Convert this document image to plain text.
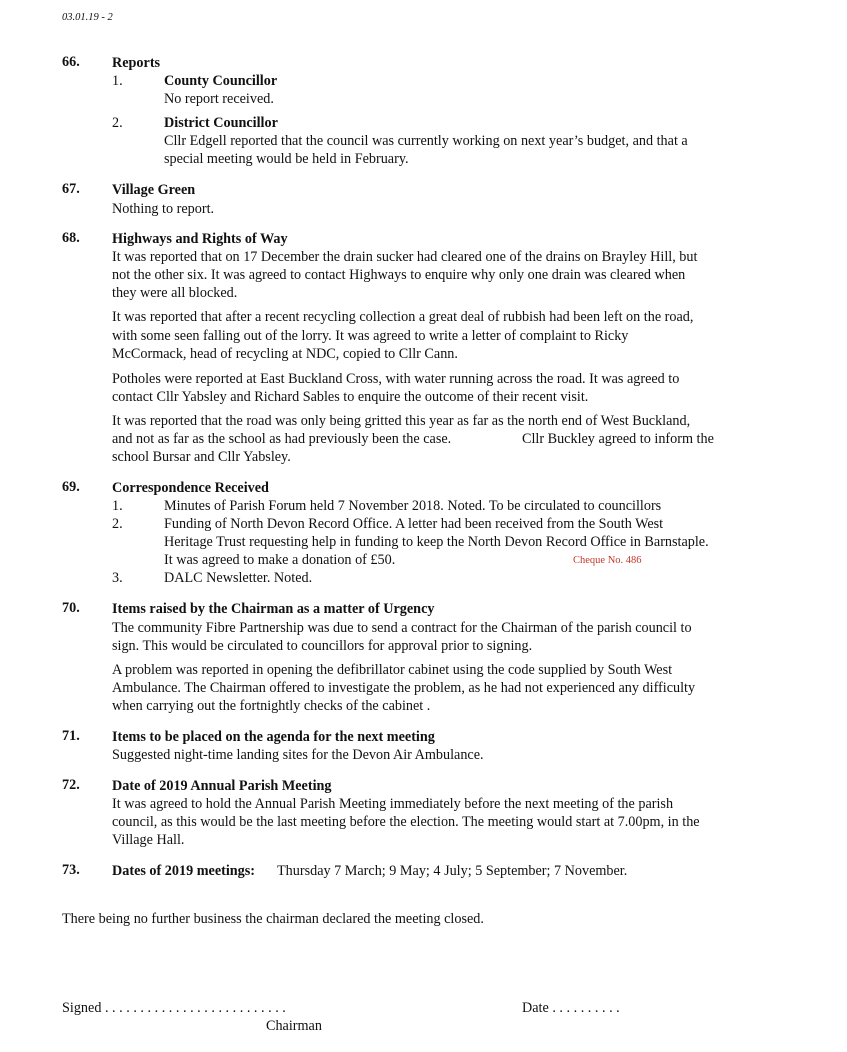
03.01.19 - 2
66. Reports
1.	County Councillor
No report received.
2.	District Councillor
Cllr Edgell reported that the council was currently working on next year’s budget, and that a
special meeting would be held in February.
67. Village Green
Nothing to report.
68. Highways and Rights of Way
It was reported that on 17 December the drain sucker had cleared one of the drains on Brayley Hill, but
not the other six. It was agreed to contact Highways to enquire why only one drain was cleared when
they were all blocked.
It was reported that after a recent recycling collection a great deal of rubbish had been left on the road,
with some seen falling out of the lorry. It was agreed to write a letter of complaint to Ricky
McCormack, head of recycling at NDC, copied to Cllr Cann.
Potholes were reported at East Buckland Cross, with water running across the road. It was agreed to
contact Cllr Yabsley and Richard Sables to enquire the outcome of their recent visit.
It was reported that the road was only being gritted this year as far as the north end of West Buckland,
and not as far as the school as had previously been the case.	Cllr Buckley agreed to inform the
school Bursar and Cllr Yabsley.
69. Correspondence Received
1.	Minutes of Parish Forum held 7 November 2018. Noted. To be circulated to councillors
2.	Funding of North Devon Record Office. A letter had been received from the South West
Heritage Trust requesting help in funding to keep the North Devon Record Office in Barnstaple.
It was agreed to make a donation of £50.	Cheque No. 486
3.	DALC Newsletter. Noted.
70. Items raised by the Chairman as a matter of Urgency
The community Fibre Partnership was due to send a contract for the Chairman of the parish council to
sign. This would be circulated to councillors for approval prior to signing.
A problem was reported in opening the defibrillator cabinet using the code supplied by South West
Ambulance. The Chairman offered to investigate the problem, as he had not experienced any difficulty
when carrying out the fortnightly checks of the cabinet .
71. Items to be placed on the agenda for the next meeting
Suggested night-time landing sites for the Devon Air Ambulance.
72. Date of 2019 Annual Parish Meeting
It was agreed to hold the Annual Parish Meeting immediately before the next meeting of the parish
council, as this would be the last meeting before the election. The meeting would start at 7.00pm, in the
Village Hall.
73. Dates of 2019 meetings: Thursday 7 March; 9 May; 4 July; 5 September; 7 November.
There being no further business the chairman declared the meeting closed.
Signed . . . . . . . . . . . . . . . . . . . . . . . . . .
Chairman
Date . . . . . . . . . .
